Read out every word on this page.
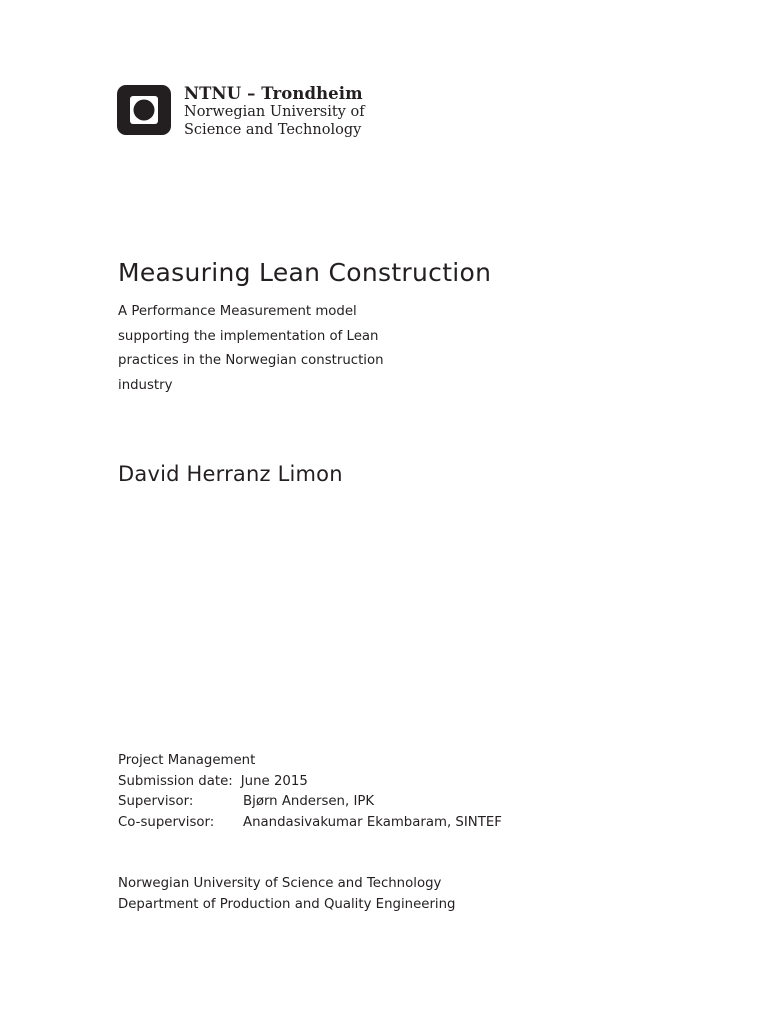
NTNU – Trondheim
Norwegian University of
Science and Technology
Measuring Lean Construction

A Performance Measurement model supporting the implementation of Lean practices in the Norwegian construction industry

David Herranz Limon
Project Management
Submission date: June 2015
Supervisor:	Bjørn Andersen, IPK
Co-supervisor:	Anandasivakumar Ekambaram, SINTEF
Norwegian University of Science and Technology
Department of Production and Quality Engineering
